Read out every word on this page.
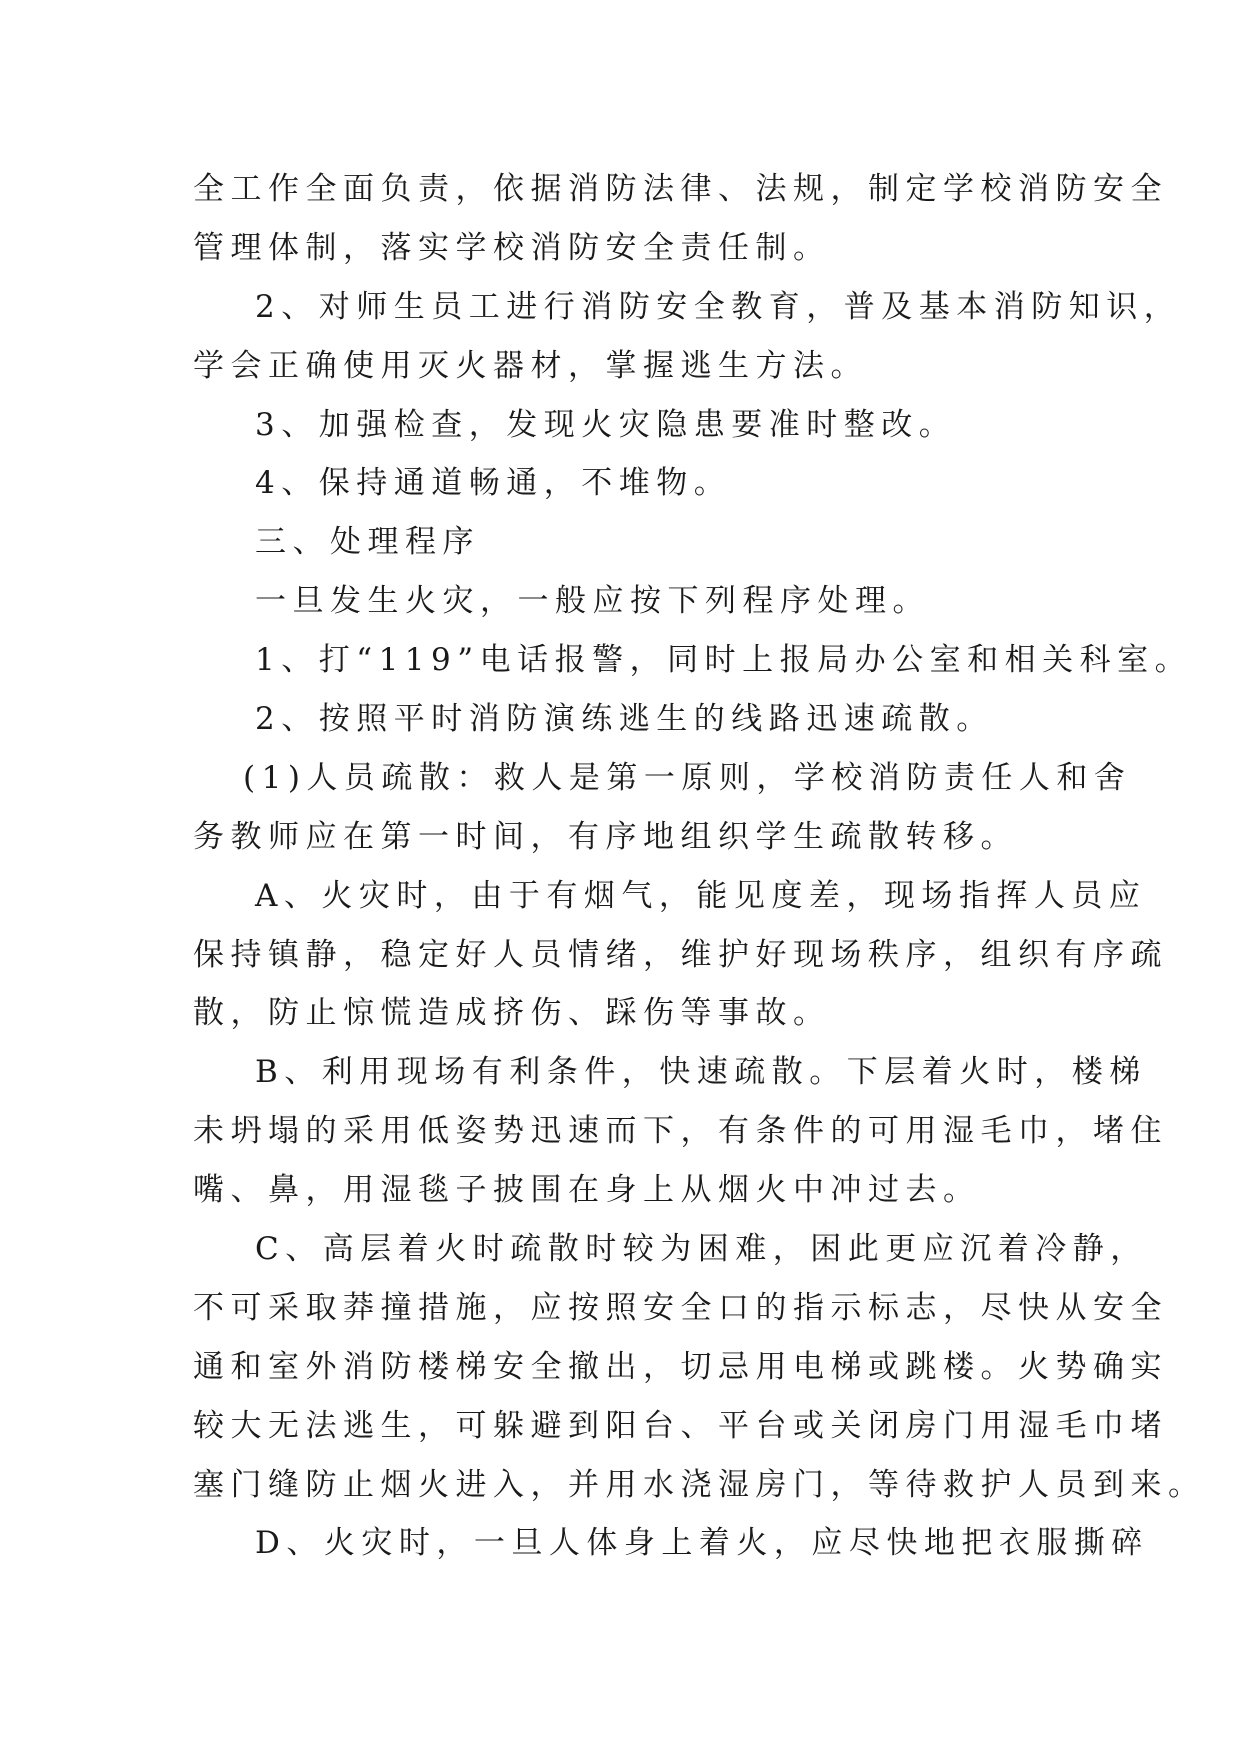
全工作全面负责，依据消防法律、法规，制定学校消防安全
管理体制，落实学校消防安全责任制。
2、对师生员工进行消防安全教育，普及基本消防知识，
学会正确使用灭火器材，掌握逃生方法。
3、加强检查，发现火灾隐患要准时整改。
4、保持通道畅通，不堆物。
三、处理程序
一旦发生火灾，一般应按下列程序处理。
1、打“119”电话报警，同时上报局办公室和相关科室。
2、按照平时消防演练逃生的线路迅速疏散。
(1)人员疏散：救人是第一原则，学校消防责任人和舍
务教师应在第一时间，有序地组织学生疏散转移。
A、火灾时，由于有烟气，能见度差，现场指挥人员应
保持镇静，稳定好人员情绪，维护好现场秩序，组织有序疏
散，防止惊慌造成挤伤、踩伤等事故。
B、利用现场有利条件，快速疏散。下层着火时，楼梯
未坍塌的采用低姿势迅速而下，有条件的可用湿毛巾，堵住
嘴、鼻，用湿毯子披围在身上从烟火中冲过去。
C、高层着火时疏散时较为困难，困此更应沉着冷静，
不可采取莽撞措施，应按照安全口的指示标志，尽快从安全
通和室外消防楼梯安全撤出，切忌用电梯或跳楼。火势确实
较大无法逃生，可躲避到阳台、平台或关闭房门用湿毛巾堵
塞门缝防止烟火进入，并用水浇湿房门，等待救护人员到来。
D、火灾时，一旦人体身上着火，应尽快地把衣服撕碎
